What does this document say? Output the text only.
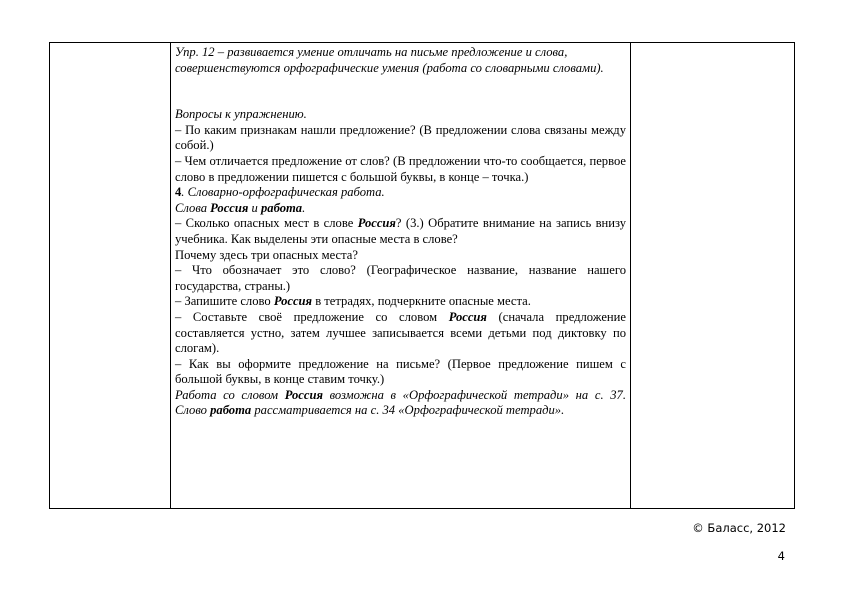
Упр. 12 – развивается умение отличать на письме предложение и слова, совершенствуются орфографические умения (работа со словарными словами).

Вопросы к упражнению.

– По каким признакам нашли предложение? (В предложении слова связаны между собой.)

– Чем отличается предложение от слов? (В предложении что-то сообщается, первое слово в предложении пишется с большой буквы, в конце – точка.)

4. Словарно-орфографическая работа.

Слова Россия и работа.

– Сколько опасных мест в слове Россия? (3.) Обратите внимание на запись внизу учебника. Как выделены эти опасные места в слове?

Почему здесь три опасных места?

– Что обозначает это слово? (Географическое название, название нашего государства, страны.)

– Запишите слово Россия в тетрадях, подчеркните опасные места.

– Составьте своё предложение со словом Россия (сначала предложение составляется устно, затем лучшее записывается всеми детьми под диктовку по слогам).

– Как вы оформите предложение на письме? (Первое предложение пишем с большой буквы, в конце ставим точку.)

Работа со словом Россия возможна в «Орфографической тетради» на с. 37. Слово работа рассматривается на с. 34 «Орфографической тетради».

© Баласс, 2012
4
